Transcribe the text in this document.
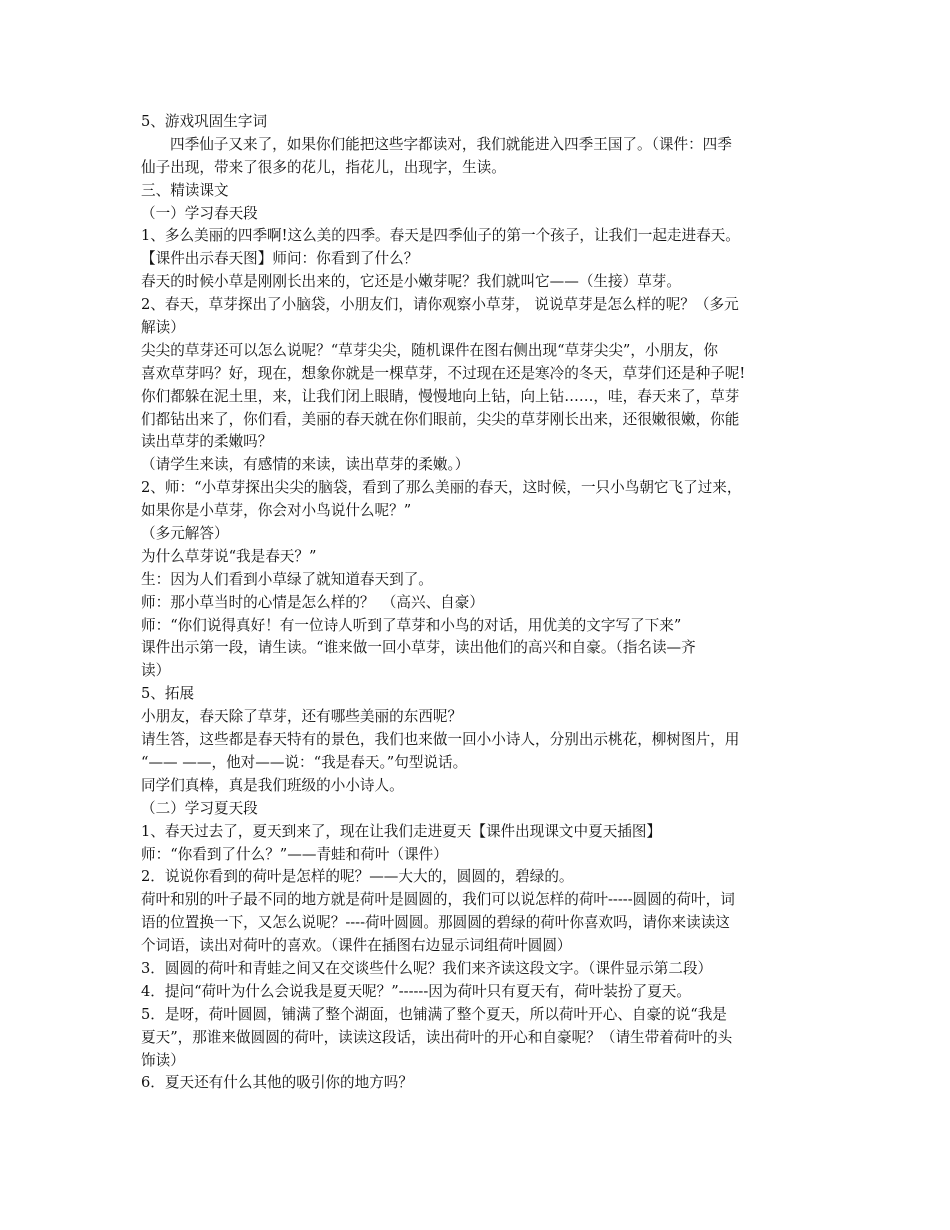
5、游戏巩固生字词
四季仙子又来了，如果你们能把这些字都读对，我们就能进入四季王国了。（课件：四季
仙子出现，带来了很多的花儿，指花儿，出现字，生读。
三、精读课文
（一）学习春天段
1、多么美丽的四季啊!这么美的四季。春天是四季仙子的第一个孩子，让我们一起走进春天。
【课件出示春天图】师问：你看到了什么？
春天的时候小草是刚刚长出来的，它还是小嫩芽呢？我们就叫它——（生接）草芽。
2、春天，草芽探出了小脑袋，小朋友们，请你观察小草芽， 说说草芽是怎么样的呢？（多元
解读）
尖尖的草芽还可以怎么说呢？“草芽尖尖，随机课件在图右侧出现“草芽尖尖”，小朋友，你
喜欢草芽吗？好，现在，想象你就是一棵草芽，不过现在还是寒冷的冬天，草芽们还是种子呢!
你们都躲在泥土里，来，让我们闭上眼睛，慢慢地向上钻，向上钻……，哇，春天来了，草芽
们都钻出来了，你们看，美丽的春天就在你们眼前，尖尖的草芽刚长出来，还很嫩很嫩，你能
读出草芽的柔嫩吗？
（请学生来读，有感情的来读，读出草芽的柔嫩。）
2、师：“小草芽探出尖尖的脑袋，看到了那么美丽的春天，这时候，一只小鸟朝它飞了过来，
如果你是小草芽，你会对小鸟说什么呢？”
（多元解答）
为什么草芽说“我是春天？”
生：因为人们看到小草绿了就知道春天到了。
师：那小草当时的心情是怎么样的？　（高兴、自豪）
师：“你们说得真好！有一位诗人听到了草芽和小鸟的对话，用优美的文字写了下来”
课件出示第一段，请生读。“谁来做一回小草芽，读出他们的高兴和自豪。（指名读—齐
读）
5、拓展
小朋友，春天除了草芽，还有哪些美丽的东西呢？
请生答，这些都是春天特有的景色，我们也来做一回小小诗人，分别出示桃花，柳树图片，用
“—— ——，他对——说：“我是春天。”句型说话。
同学们真棒，真是我们班级的小小诗人。
（二）学习夏天段
1、春天过去了，夏天到来了，现在让我们走进夏天【课件出现课文中夏天插图】
师：“你看到了什么？”——青蛙和荷叶（课件）
2．说说你看到的荷叶是怎样的呢？——大大的，圆圆的，碧绿的。
荷叶和别的叶子最不同的地方就是荷叶是圆圆的，我们可以说怎样的荷叶-----圆圆的荷叶，词
语的位置换一下，又怎么说呢？----荷叶圆圆。那圆圆的碧绿的荷叶你喜欢吗，请你来读读这
个词语，读出对荷叶的喜欢。（课件在插图右边显示词组荷叶圆圆）
3．圆圆的荷叶和青蛙之间又在交谈些什么呢？我们来齐读这段文字。（课件显示第二段）
4．提问“荷叶为什么会说我是夏天呢？”------因为荷叶只有夏天有，荷叶装扮了夏天。
5．是呀，荷叶圆圆，铺满了整个湖面，也铺满了整个夏天，所以荷叶开心、自豪的说“我是
夏天”，那谁来做圆圆的荷叶，读读这段话，读出荷叶的开心和自豪呢？（请生带着荷叶的头
饰读）
6．夏天还有什么其他的吸引你的地方吗？
